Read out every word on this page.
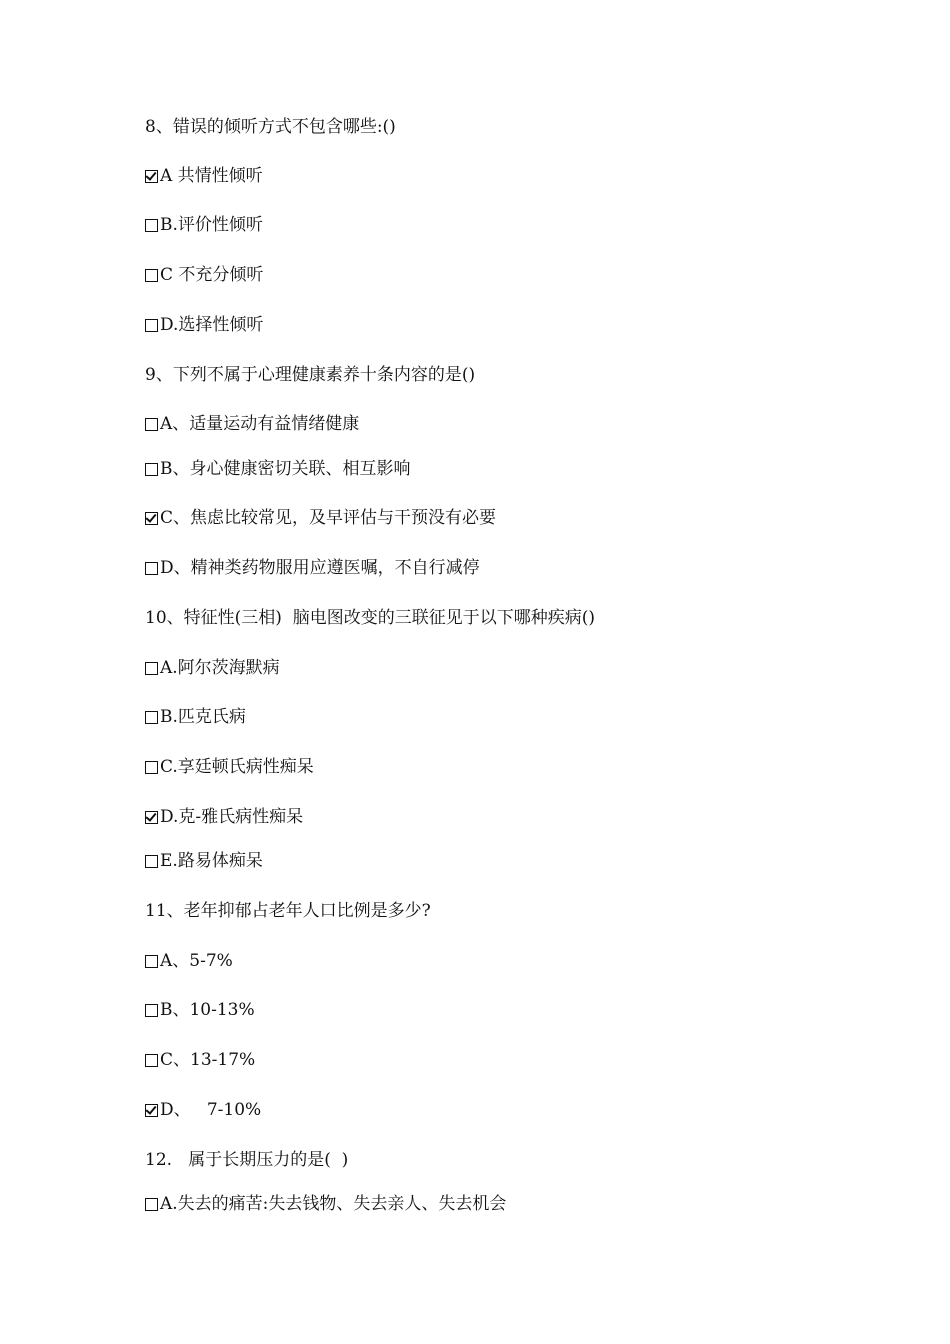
8、错误的倾听方式不包含哪些:()
A 共情性倾听
B.评价性倾听
C 不充分倾听
D.选择性倾听
9、下列不属于心理健康素养十条内容的是()
A、适量运动有益情绪健康
B、身心健康密切关联、相互影响
C、焦虑比较常见，及早评估与干预没有必要
D、精神类药物服用应遵医嘱，不自行减停
10、特征性(三相)  脑电图改变的三联征见于以下哪种疾病()
A.阿尔茨海默病
B.匹克氏病
C.享廷顿氏病性痴呆
D.克-雅氏病性痴呆
E.路易体痴呆
11、老年抑郁占老年人口比例是多少?
A、5-7%
B、10-13%
C、13-17%
D、   7-10%
12.   属于长期压力的是(  )
A.失去的痛苦:失去钱物、失去亲人、失去机会
